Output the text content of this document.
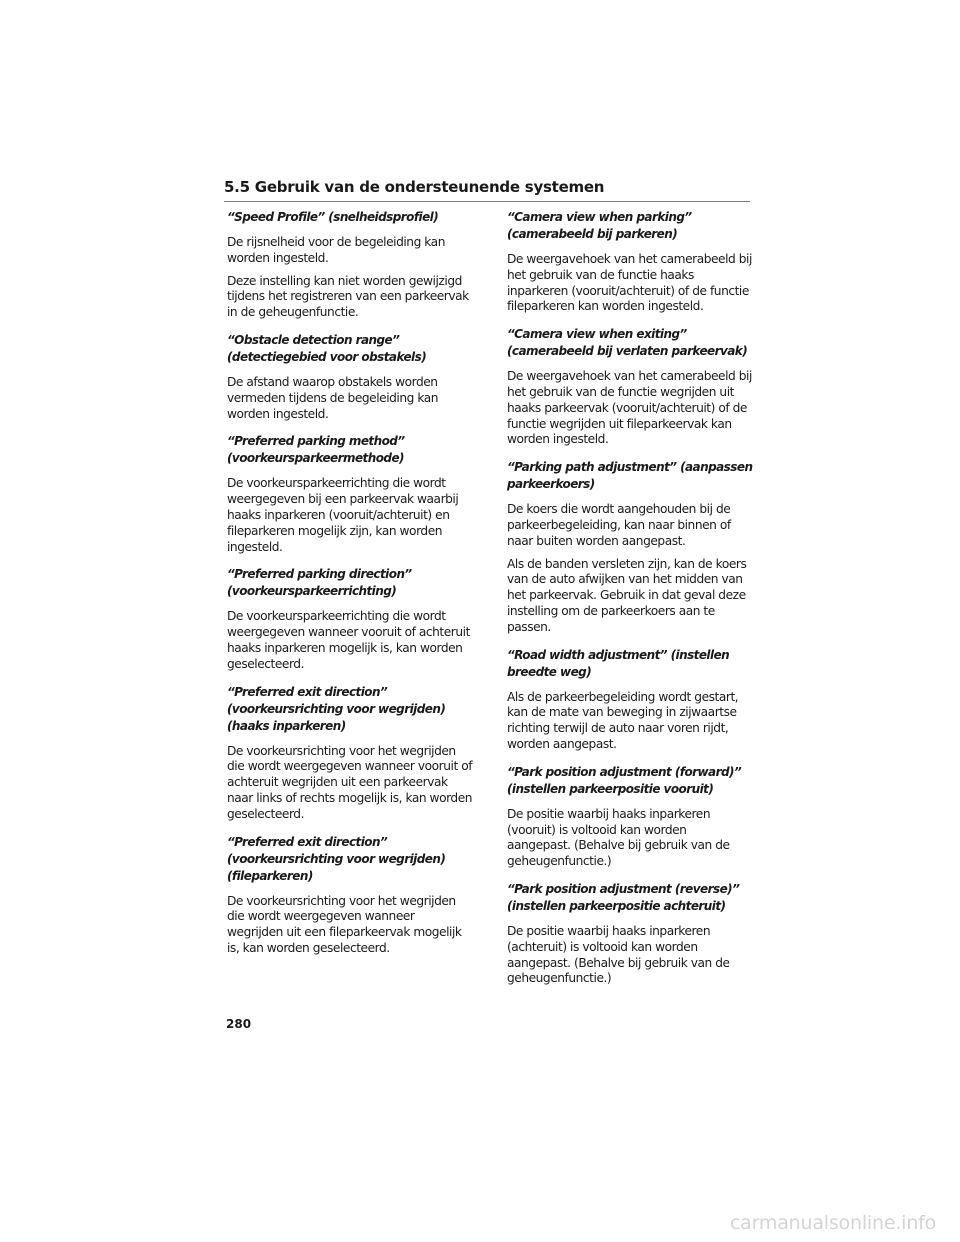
5.5 Gebruik van de ondersteunende systemen
“Speed Profile” (snelheidsprofiel)
De rijsnelheid voor de begeleiding kan worden ingesteld.
Deze instelling kan niet worden gewijzigd tijdens het registreren van een parkeervak in de geheugenfunctie.
“Obstacle detection range” (detectiegebied voor obstakels)
De afstand waarop obstakels worden vermeden tijdens de begeleiding kan worden ingesteld.
“Preferred parking method” (voorkeursparkeermethode)
De voorkeursparkeerrichting die wordt weergegeven bij een parkeervak waarbij haaks inparkeren (vooruit/achteruit) en fileparkeren mogelijk zijn, kan worden ingesteld.
“Preferred parking direction” (voorkeursparkeerrichting)
De voorkeursparkeerrichting die wordt weergegeven wanneer vooruit of achteruit haaks inparkeren mogelijk is, kan worden geselecteerd.
“Preferred exit direction” (voorkeursrichting voor wegrijden) (haaks inparkeren)
De voorkeursrichting voor het wegrijden die wordt weergegeven wanneer vooruit of achteruit wegrijden uit een parkeervak naar links of rechts mogelijk is, kan worden geselecteerd.
“Preferred exit direction” (voorkeursrichting voor wegrijden) (fileparkeren)
De voorkeursrichting voor het wegrijden die wordt weergegeven wanneer wegrijden uit een fileparkeervak mogelijk is, kan worden geselecteerd.
“Camera view when parking” (camerabeeld bij parkeren)
De weergavehoek van het camerabeeld bij het gebruik van de functie haaks inparkeren (vooruit/achteruit) of de functie fileparkeren kan worden ingesteld.
“Camera view when exiting” (camerabeeld bij verlaten parkeervak)
De weergavehoek van het camerabeeld bij het gebruik van de functie wegrijden uit haaks parkeervak (vooruit/achteruit) of de functie wegrijden uit fileparkeervak kan worden ingesteld.
“Parking path adjustment” (aanpassen parkeerkoers)
De koers die wordt aangehouden bij de parkeerbegeleiding, kan naar binnen of naar buiten worden aangepast.
Als de banden versleten zijn, kan de koers van de auto afwijken van het midden van het parkeervak. Gebruik in dat geval deze instelling om de parkeerkoers aan te passen.
“Road width adjustment” (instellen breedte weg)
Als de parkeerbegeleiding wordt gestart, kan de mate van beweging in zijwaartse richting terwijl de auto naar voren rijdt, worden aangepast.
“Park position adjustment (forward)” (instellen parkeerpositie vooruit)
De positie waarbij haaks inparkeren (vooruit) is voltooid kan worden aangepast. (Behalve bij gebruik van de geheugenfunctie.)
“Park position adjustment (reverse)” (instellen parkeerpositie achteruit)
De positie waarbij haaks inparkeren (achteruit) is voltooid kan worden aangepast. (Behalve bij gebruik van de geheugenfunctie.)
280
carmanualsonline.info
